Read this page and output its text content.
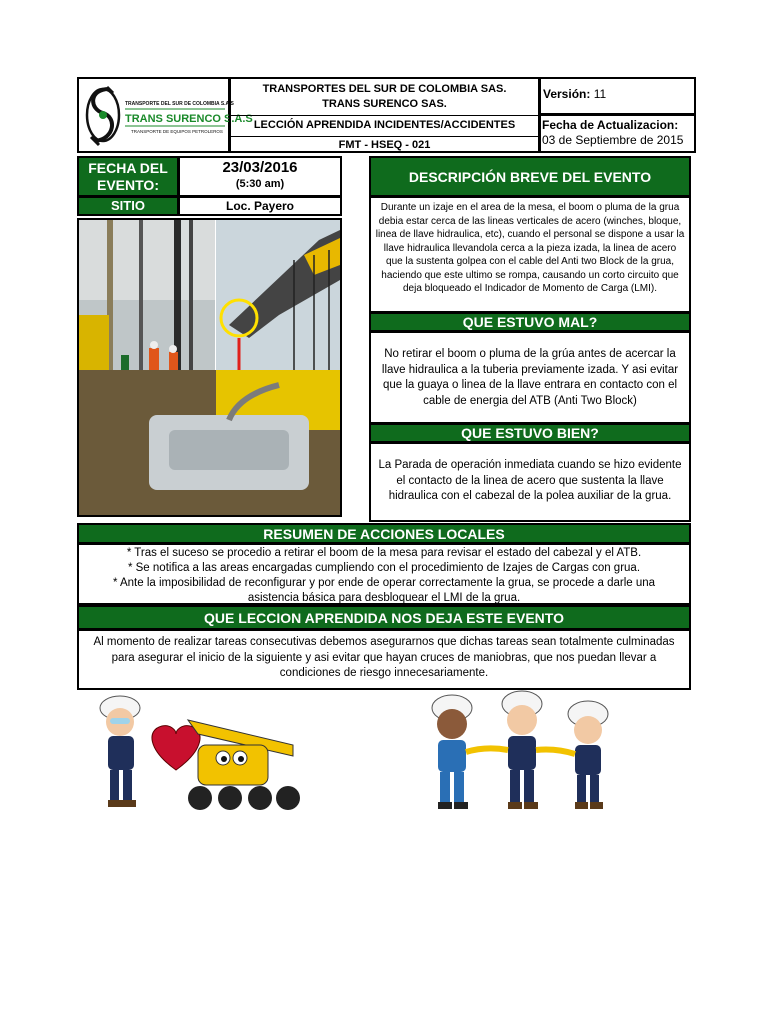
TRANSPORTE DEL SUR DE COLOMBIA S.A.S
TRANS SURENCO S.A.S
TRANSPORTE DE EQUIPOS PETROLEROS
TRANSPORTES DEL SUR DE COLOMBIA SAS.
TRANS SURENCO SAS.
LECCIÓN APRENDIDA INCIDENTES/ACCIDENTES
FMT - HSEQ - 021
Versión: 11
Fecha de Actualizacion:
03 de Septiembre de 2015
FECHA DEL EVENTO:
23/03/2016
(5:30 am)
SITIO	Loc. Payero
DESCRIPCIÓN BREVE DEL EVENTO
Durante un izaje en el area de la mesa, el boom o pluma de la grua debia estar cerca de las lineas verticales de acero (winches, bloque, linea de llave hidraulica, etc), cuando el personal se dispone a usar la llave hidraulica llevandola cerca a la pieza izada, la linea de acero que la sustenta golpea con el cable del Anti two Block de la grua, haciendo que este ultimo se rompa, causando un corto circuito que deja bloqueado el Indicador de Momento de Carga (LMI).
QUE ESTUVO MAL?
No retirar el boom o pluma de la grúa antes de acercar la llave hidraulica a la tuberia previamente izada. Y asi evitar que la guaya o linea de la llave entrara en contacto con el cable de energia del ATB (Anti Two Block)
QUE ESTUVO BIEN?
La Parada de operación inmediata cuando se hizo evidente el contacto de la linea de acero que sustenta la llave hidraulica con el cabezal de la polea auxiliar de la grua.
RESUMEN DE ACCIONES LOCALES
* Tras el suceso se procedio a retirar el boom de la mesa para revisar el estado del cabezal y el ATB.
* Se notifica a las areas encargadas cumpliendo con el procedimiento de Izajes de Cargas con grua.
* Ante la imposibilidad de reconfigurar y por ende de operar correctamente la grua, se procede a darle una asistencia básica para desbloquear el LMI de la grua.
QUE LECCION APRENDIDA NOS DEJA ESTE EVENTO
Al momento de realizar tareas consecutivas debemos asegurarnos que dichas tareas sean totalmente culminadas para asegurar el inicio de la siguiente y asi evitar que hayan cruces de maniobras, que nos puedan llevar a condiciones de riesgo innecesariamente.
